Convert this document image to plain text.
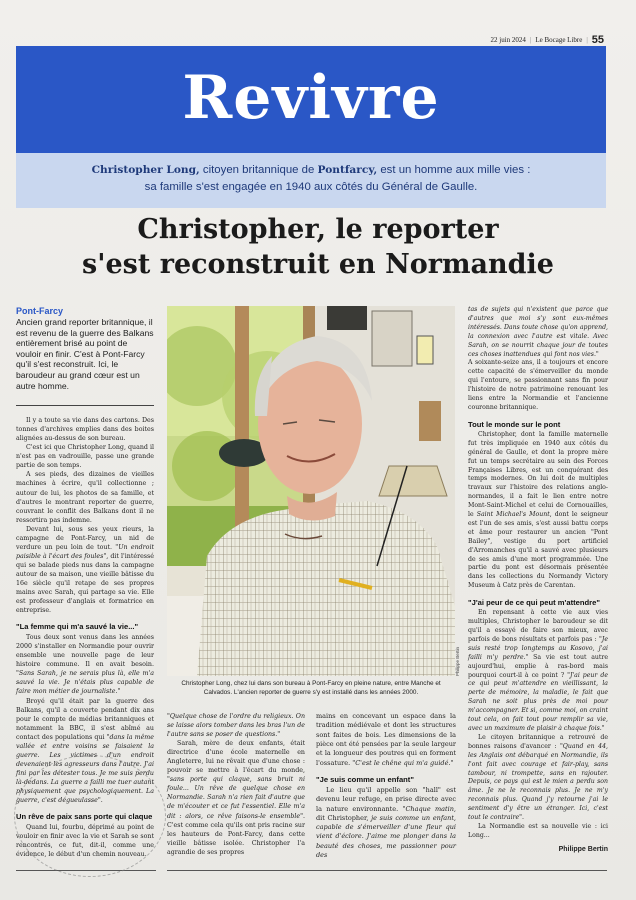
22 juin 2024 | Le Bocage Libre | 55
Revivre
Christopher Long, citoyen britannique de Pontfarcy, est un homme aux mille vies :
sa famille s'est engagée en 1940 aux côtés du Général de Gaulle.
Christopher, le reporter
s'est reconstruit en Normandie
Pont-Farcy
Ancien grand reporter britannique, il est revenu de la guerre des Balkans entièrement brisé au point de vouloir en finir. C'est à Pont-Farcy qu'il s'est reconstruit. Ici, le baroudeur au grand cœur est un autre homme.

Il y a toute sa vie dans des cartons. Des tonnes d'archives emplies dans des boites alignées au-dessus de son bureau.

C'est ici que Christopher Long, quand il n'est pas en vadrouille, passe une grande partie de son temps.

A ses pieds, des dizaines de vieilles machines à écrire, qu'il collectionne ; autour de lui, les photos de sa famille, et d'autres le montrant reporter de guerre, couvrant le conflit des Balkans dont il ne ressortira pas indemne.

Devant lui, sous ses yeux rieurs, la campagne de Pont-Farcy, un nid de verdure un peu loin de tout. "Un endroit paisible à l'écart des foules", dit l'intéressé qui se balade pieds nus dans la campagne autour de sa maison, une vieille bâtisse du 16e siècle qu'il retape de ses propres mains avec Sarah, qui partage sa vie. Elle est professeur d'anglais et formatrice en entreprise.

"La femme qui m'a sauvé la vie..."

Tous deux sont venus dans les années 2000 s'installer en Normandie pour ouvrir ensemble une nouvelle page de leur histoire commune. Il en avait besoin. "Sans Sarah, je ne serais plus là, elle m'a sauvé la vie. Je n'étais plus capable de faire mon métier de journaliste."

Broyé qu'il était par la guerre des Balkans, qu'il a couverte pendant dix ans pour le compte de médias britanniques et notamment la BBC, il s'est abîmé au contact des populations qui "dans la même vallée et entre voisins se faisaient la guerre. Les victimes d'un endroit devenaient les agresseurs dans l'autre. J'ai fini par les détester tous. Je me suis perdu là-dedans. La guerre a failli me tuer autant physiquement que psychologiquement. La guerre, c'est dégueulasse".

Un rêve de paix sans porte qui claque

Quand lui, fourbu, déprimé au point de vouloir en finir avec la vie et Sarah se sont rencontrés, ce fut, dit-il, comme une évidence, le début d'un chemin nouveau.

Philippe Bertin
Christopher Long, chez lui dans son bureau à Pont-Farcy en pleine nature, entre Manche et Calvados. L'ancien reporter de guerre s'y est installé dans les années 2000.

"Quelque chose de l'ordre du religieux. On se laisse alors tomber dans les bras l'un de l'autre sans se poser de questions."

Sarah, mère de deux enfants, était directrice d'une école maternelle en Angleterre, lui ne rêvait que d'une chose : pouvoir se mettre à l'écart du monde, "sans porte qui claque, sans bruit ni foule... Un rêve de quelque chose en Normandie. Sarah n'a rien fait d'autre que de m'écouter et ce fut l'essentiel. Elle m'a dit : alors, ce rêve faisons-le ensemble". C'est comme cela qu'ils ont pris racine sur les hauteurs de Pont-Farcy, dans cette vieille bâtisse isolée. Christopher l'a agrandie de ses propres

mains en concevant un espace dans la tradition médiévale et dont les structures sont faites de bois. Les dimensions de la pièce ont été pensées par la seule largeur et la longueur des poutres qui en forment l'ossature. "C'est le chêne qui m'a guidé."

"Je suis comme un enfant"

Le lieu qu'il appelle son "hall" est devenu leur refuge, en prise directe avec la nature environnante. "Chaque matin, dit Christopher, je suis comme un enfant, capable de s'émerveiller d'une fleur qui vient d'éclore. J'aime me plonger dans la beauté des choses, me passionner pour des

tas de sujets qui n'existent que parce que d'autres que moi s'y sont eux-mêmes intéressés. Dans toute chose qu'on apprend, la connexion avec l'autre est vitale. Avec Sarah, on se nourrit chaque jour de toutes ces choses inattendues qui font nos vies."

A soixante-seize ans, il a toujours et encore cette capacité de s'émerveiller du monde qui l'entoure, se passionnant sans fin pour l'histoire de notre patrimoine renouant les liens entre la Normandie et l'ancienne couronne britannique.

Tout le monde sur le pont

Christopher, dont la famille maternelle fut très impliquée en 1940 aux côtés du général de Gaulle, et dont la propre mère fut un temps secrétaire au sein des Forces Françaises Libres, est un conquérant des temps modernes. On lui doit de multiples travaux sur l'histoire des relations anglo-normandes, il a fait le lien entre notre Mont-Saint-Michel et celui de Cornouailles, le Saint Michael's Mount, dont le seigneur est l'un de ses amis, s'est aussi battu corps et âme pour restaurer un ancien "Pont Bailey", vestige du port artificiel d'Arromanches qu'il a sauvé avec plusieurs de ses amis d'une mort programmée. Une partie du pont est désormais présentée dans les collections du Normandy Victory Museum à Catz près de Carentan.

"J'ai peur de ce qui peut m'attendre"

En repensant à cette vie aux vies multiples, Christopher le baroudeur se dit qu'il a essayé de faire son mieux, avec parfois de bons résultats et parfois pas : "Je suis resté trop longtemps au Kosovo, j'ai failli m'y perdre." Sa vie est tout autre aujourd'hui, emplie à ras-bord mais pourquoi court-il à ce point ? "J'ai peur de ce qui peut m'attendre en vieillissant, la perte de mémoire, la maladie, le fait que Sarah ne soit plus près de moi pour m'accompagner. Et si, comme moi, on craint tout cela, on fait tout pour remplir sa vie, avec un maximum de plaisir à chaque fois."

Le citoyen britannique a retrouvé de bonnes raisons d'avancer : "Quand en 44, les Anglais ont débarqué en Normandie, ils l'ont fait avec courage et fair-play, sans tambour, ni trompette, sans en rajouter. Depuis, ce pays qui est le mien a perdu son âme. Je ne le reconnais plus. Je ne m'y reconnais plus. Quand j'y retourne j'ai le sentiment d'y être un étranger. Ici, c'est tout le contraire".

La Normandie est sa nouvelle vie : ici Long...

Philippe Bertin
